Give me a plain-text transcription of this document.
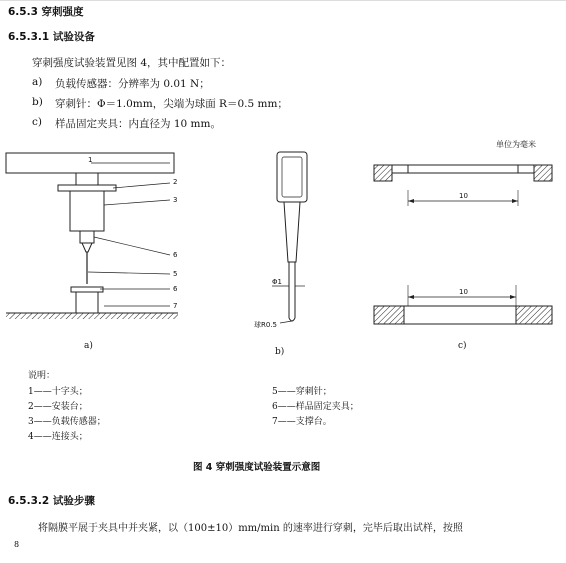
6.5.3 穿刺强度
6.5.3.1 试验设备
穿刺强度试验装置见图 4，其中配置如下：
a) 负载传感器：分辨率为 0.01 N；
b) 穿刺针：Φ＝1.0mm，尖端为球面 R＝0.5 mm；
c) 样品固定夹具：内直径为 10 mm。
单位为毫米
1
2
3
6
5
6
7
Φ1
球R0.5
10
10
a)
b)
c)
说明：
1——十字头；
2——安装台；
3——负载传感器；
4——连接头；
5——穿刺针；
6——样品固定夹具；
7——支撑台。
图 4 穿刺强度试验装置示意图
6.5.3.2 试验步骤
将隔膜平展于夹具中并夹紧，以（100±10）mm/min 的速率进行穿刺，完毕后取出试样，按照
8
